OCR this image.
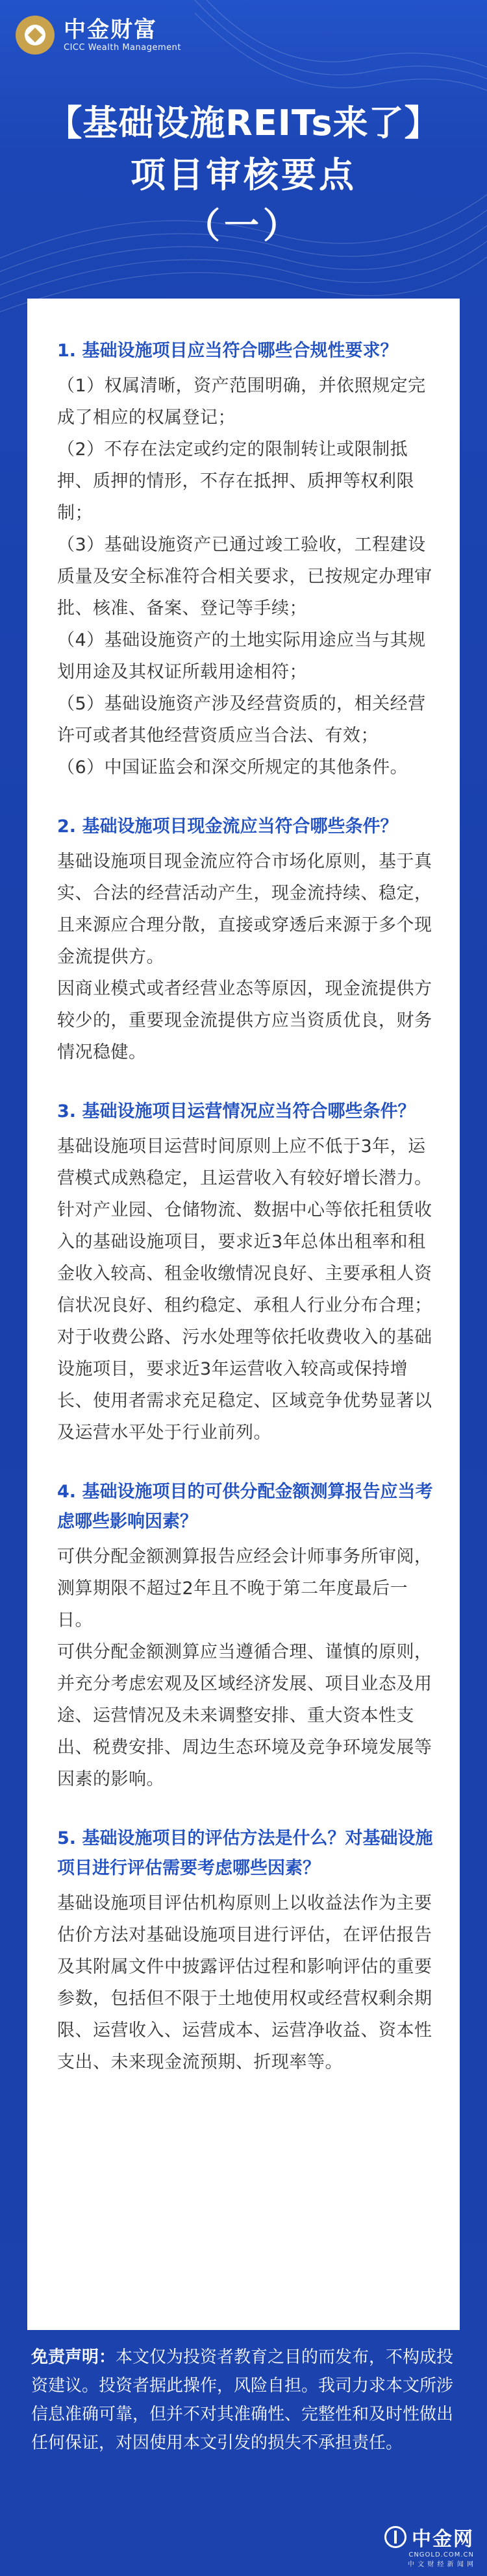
中金财富
CICC Wealth Management
【基础设施REITs来了】
项目审核要点
（一）
1. 基础设施项目应当符合哪些合规性要求？
（1）权属清晰，资产范围明确，并依照规定完成了相应的权属登记；
（2）不存在法定或约定的限制转让或限制抵押、质押的情形，不存在抵押、质押等权利限制；
（3）基础设施资产已通过竣工验收，工程建设质量及安全标准符合相关要求，已按规定办理审批、核准、备案、登记等手续；
（4）基础设施资产的土地实际用途应当与其规划用途及其权证所载用途相符；
（5）基础设施资产涉及经营资质的，相关经营许可或者其他经营资质应当合法、有效；
（6）中国证监会和深交所规定的其他条件。
2. 基础设施项目现金流应当符合哪些条件？
基础设施项目现金流应符合市场化原则，基于真实、合法的经营活动产生，现金流持续、稳定，且来源应合理分散，直接或穿透后来源于多个现金流提供方。
因商业模式或者经营业态等原因，现金流提供方较少的，重要现金流提供方应当资质优良，财务情况稳健。
3. 基础设施项目运营情况应当符合哪些条件？
基础设施项目运营时间原则上应不低于3年，运营模式成熟稳定，且运营收入有较好增长潜力。
针对产业园、仓储物流、数据中心等依托租赁收入的基础设施项目，要求近3年总体出租率和租金收入较高、租金收缴情况良好、主要承租人资信状况良好、租约稳定、承租人行业分布合理；
对于收费公路、污水处理等依托收费收入的基础设施项目，要求近3年运营收入较高或保持增长、使用者需求充足稳定、区域竞争优势显著以及运营水平处于行业前列。
4. 基础设施项目的可供分配金额测算报告应当考虑哪些影响因素？
可供分配金额测算报告应经会计师事务所审阅，测算期限不超过2年且不晚于第二年度最后一日。
可供分配金额测算应当遵循合理、谨慎的原则，并充分考虑宏观及区域经济发展、项目业态及用途、运营情况及未来调整安排、重大资本性支出、税费安排、周边生态环境及竞争环境发展等因素的影响。
5. 基础设施项目的评估方法是什么？对基础设施项目进行评估需要考虑哪些因素？
基础设施项目评估机构原则上以收益法作为主要估价方法对基础设施项目进行评估，在评估报告及其附属文件中披露评估过程和影响评估的重要参数，包括但不限于土地使用权或经营权剩余期限、运营收入、运营成本、运营净收益、资本性支出、未来现金流预期、折现率等。
免责声明：本文仅为投资者教育之目的而发布，不构成投资建议。投资者据此操作，风险自担。我司力求本文所涉信息准确可靠，但并不对其准确性、完整性和及时性做出任何保证，对因使用本文引发的损失不承担责任。
中金网
CNGOLD.COM.CN
中 文 财 经 新 闻 网
